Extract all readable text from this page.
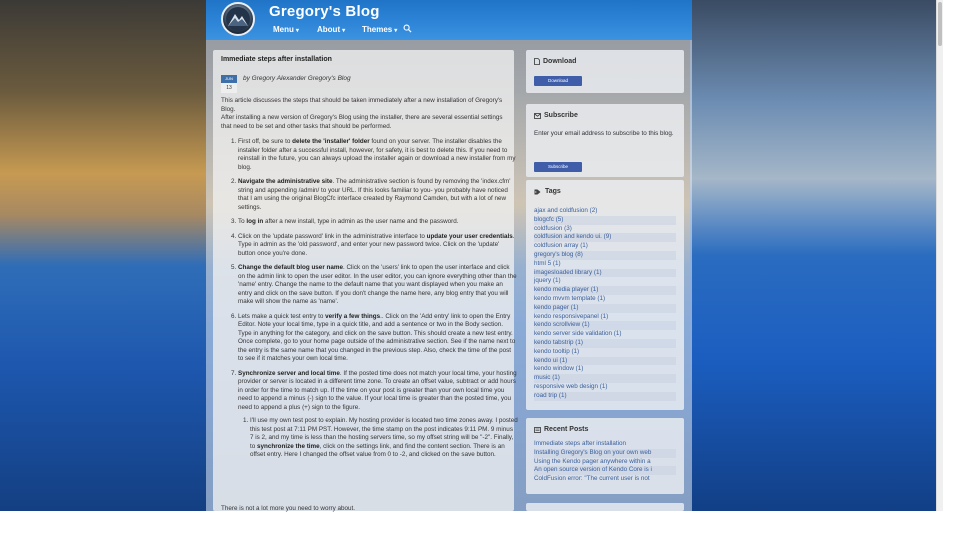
Gregory's Blog
Menu ▾ About ▾ Themes ▾
Immediate steps after installation
JUN
13
by Gregory Alexander Gregory's Blog

This article discusses the steps that should be taken immediately after a new installation of Gregory's Blog.

After installing a new version of Gregory's Blog using the installer, there are several essential settings that need to be set and other tasks that should be performed.

1. First off, be sure to delete the 'installer' folder found on your server. The installer disables the installer folder after a successful install, however, for safety, it is best to delete this. If you need to reinstall in the future, you can always upload the installer again or download a new installer from my blog.
2. Navigate the administrative site. The administrative section is found by removing the 'index.cfm' string and appending /admin/ to your URL. If this looks familiar to you- you probably have noticed that I am using the original BlogCfc interface created by Raymond Camden, but with a lot of new settings.
3. To log in after a new install, type in admin as the user name and the password.
4. Click on the 'update password' link in the administrative interface to update your user credentials. Type in admin as the 'old password', and enter your new password twice. Click on the 'update' button once you're done.
5. Change the default blog user name. Click on the 'users' link to open the user interface and click on the admin link to open the user editor. In the user editor, you can ignore everything other than the 'name' entry. Change the name to the default name that you want displayed when you make an entry and click on the save button. If you don't change the name here, any blog entry that you will make will show the name as 'name'.
6. Lets make a quick test entry to verify a few things.. Click on the 'Add entry' link to open the Entry Editor. Note your local time, type in a quick title, and add a sentence or two in the Body section. Type in anything for the category, and click on the save button. This should create a new test entry. Once complete, go to your home page outside of the administrative section. See if the name next to the entry is the same name that you changed in the previous step. Also, check the time of the post to see if it matches your own local time.
7. Synchronize server and local time. If the posted time does not match your local time, your hosting provider or server is located in a different time zone. To create an offset value, subtract or add hours in order for the time to match up. If the time on your post is greater than your own local time you need to append a minus (-) sign to the value. If your local time is greater than the posted time, you need to append a plus (+) sign to the figure.
1. I'll use my own test post to explain. My hosting provider is located two time zones away. I posted this test post at 7:11 PM PST. However, the time stamp on the post indicates 9:11 PM. 9 minus 7 is 2, and my time is less than the hosting servers time, so my offset string will be "-2". Finally, to synchronize the time, click on the settings link, and find the content section. There is an offset entry. Here I changed the offset value from 0 to -2, and clicked on the save button.
There is not a lot more you need to worry about.
Download
Download
Subscribe
Enter your email address to subscribe to this blog.
Subscribe
Tags
ajax and coldfusion (2)
blogcfc (5)
coldfusion (3)
coldfusion and kendo ui. (9)
coldfusion array (1)
gregory's blog (8)
html 5 (1)
imagesloaded library (1)
jquery (1)
kendo media player (1)
kendo mvvm template (1)
kendo pager (1)
kendo responsivepanel (1)
kendo scrollview (1)
kendo server side validation (1)
kendo tabstrip (1)
kendo tooltip (1)
kendo ui (1)
kendo window (1)
music (1)
responsive web design (1)
road trip (1)
Recent Posts
Immediate steps after installation
Installing Gregory's Blog on your own web
Using the Kendo pager anywhere within a
An open source version of Kendo Core is i
ColdFusion error: "The current user is not
